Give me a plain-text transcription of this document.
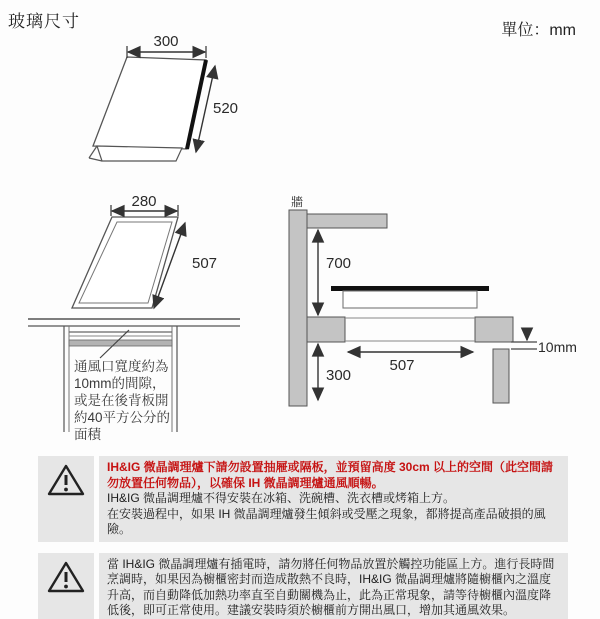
玻璃尺寸	單位：mm
300
520
280
507
通風口寬度約為
10mm的間隙，
或是在後背板開
約40平方公分的
面積
牆
700
507
300
10mm

IH&IG 微晶調理爐下請勿設置抽屜或隔板，並預留高度 30cm 以上的空間（此空間請勿放置任何物品），以確保 IH 微晶調理爐通風順暢。

IH&IG 微晶調理爐不得安裝在冰箱、洗碗槽、洗衣槽或烤箱上方。

在安裝過程中，如果 IH 微晶調理爐發生傾斜或受壓之現象，都將提高產品破損的風險。

當 IH&IG 微晶調理爐有插電時，請勿將任何物品放置於觸控功能區上方。進行長時間烹調時，如果因為櫥櫃密封而造成散熱不良時，IH&IG 微晶調理爐將隨櫥櫃內之溫度升高，而自動降低加熱功率直至自動關機為止，此為正常現象，請等待櫥櫃內溫度降低後，即可正常使用。建議安裝時須於櫥櫃前方開出風口，增加其通風效果。
